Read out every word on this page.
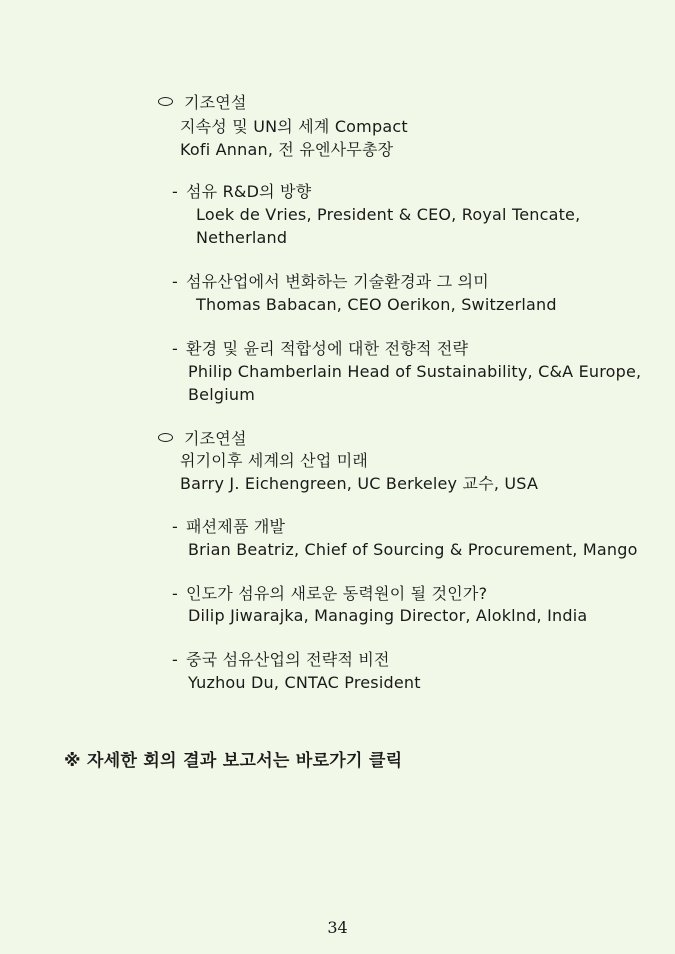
기조연설
지속성 및 UN의 세계 Compact
Kofi Annan, 전 유엔사무총장
- 섬유 R&D의 방향
Loek de Vries, President & CEO, Royal Tencate,
Netherland
- 섬유산업에서 변화하는 기술환경과 그 의미
Thomas Babacan, CEO Oerikon, Switzerland
- 환경 및 윤리 적합성에 대한 전향적 전략
Philip Chamberlain Head of Sustainability, C&A Europe,
Belgium
기조연설
위기이후 세계의 산업 미래
Barry J. Eichengreen, UC Berkeley 교수, USA
- 패션제품 개발
Brian Beatriz, Chief of Sourcing & Procurement, Mango
- 인도가 섬유의 새로운 동력원이 될 것인가?
Dilip Jiwarajka, Managing Director, Aloklnd, India
- 중국 섬유산업의 전략적 비전
Yuzhou Du, CNTAC President
※ 자세한 회의 결과 보고서는 바로가기 클릭
34
